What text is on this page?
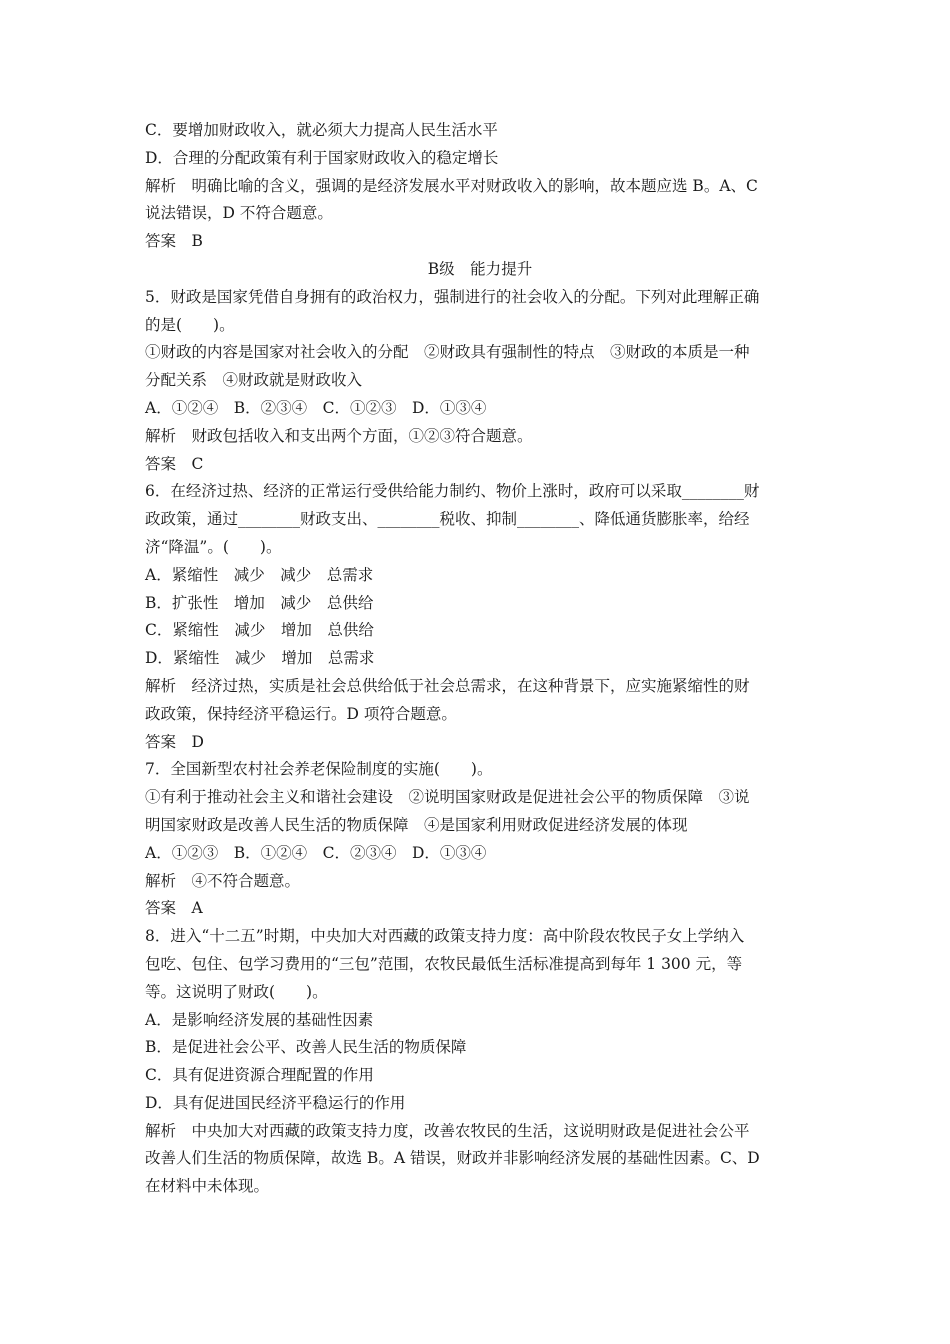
C．要增加财政收入，就必须大力提高人民生活水平

D．合理的分配政策有利于国家财政收入的稳定增长

解析　明确比喻的含义，强调的是经济发展水平对财政收入的影响，故本题应选 B。A、C

说法错误，D 不符合题意。

答案　B

B级　能力提升

5．财政是国家凭借自身拥有的政治权力，强制进行的社会收入的分配。下列对此理解正确

的是(　　)。

①财政的内容是国家对社会收入的分配　②财政具有强制性的特点　③财政的本质是一种

分配关系　④财政就是财政收入

A．①②④　B．②③④　C．①②③　D．①③④

解析　财政包括收入和支出两个方面，①②③符合题意。

答案　C

6．在经济过热、经济的正常运行受供给能力制约、物价上涨时，政府可以采取________财

政政策，通过________财政支出、________税收、抑制________、降低通货膨胀率，给经

济“降温”。(　　)。

A．紧缩性　减少　减少　总需求

B．扩张性　增加　减少　总供给

C．紧缩性　减少　增加　总供给

D．紧缩性　减少　增加　总需求

解析　经济过热，实质是社会总供给低于社会总需求，在这种背景下，应实施紧缩性的财

政政策，保持经济平稳运行。D 项符合题意。

答案　D

7．全国新型农村社会养老保险制度的实施(　　)。

①有利于推动社会主义和谐社会建设　②说明国家财政是促进社会公平的物质保障　③说

明国家财政是改善人民生活的物质保障　④是国家利用财政促进经济发展的体现

A．①②③　B．①②④　C．②③④　D．①③④

解析　④不符合题意。

答案　A

8．进入“十二五”时期，中央加大对西藏的政策支持力度：高中阶段农牧民子女上学纳入

包吃、包住、包学习费用的“三包”范围，农牧民最低生活标准提高到每年 1 300 元，等

等。这说明了财政(　　)。

A．是影响经济发展的基础性因素

B．是促进社会公平、改善人民生活的物质保障

C．具有促进资源合理配置的作用

D．具有促进国民经济平稳运行的作用

解析　中央加大对西藏的政策支持力度，改善农牧民的生活，这说明财政是促进社会公平

改善人们生活的物质保障，故选 B。A 错误，财政并非影响经济发展的基础性因素。C、D

在材料中未体现。
